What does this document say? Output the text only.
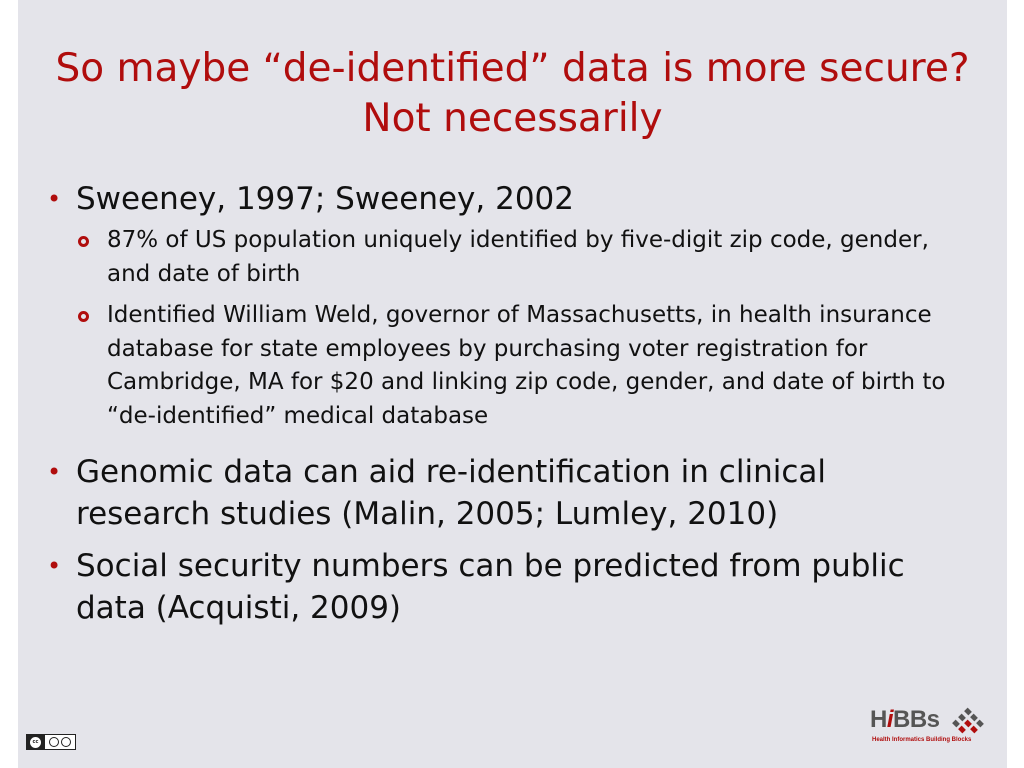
So maybe “de-identified” data is more secure? Not necessarily
• Sweeney, 1997; Sweeney, 2002
87% of US population uniquely identified by five-digit zip code, gender, and date of birth
Identified William Weld, governor of Massachusetts, in health insurance database for state employees by purchasing voter registration for Cambridge, MA for $20 and linking zip code, gender, and date of birth to “de-identified” medical database
• Genomic data can aid re-identification in clinical research studies (Malin, 2005; Lumley, 2010)
• Social security numbers can be predicted from public data (Acquisti, 2009)
cc
HiBBs
Health Informatics Building Blocks
